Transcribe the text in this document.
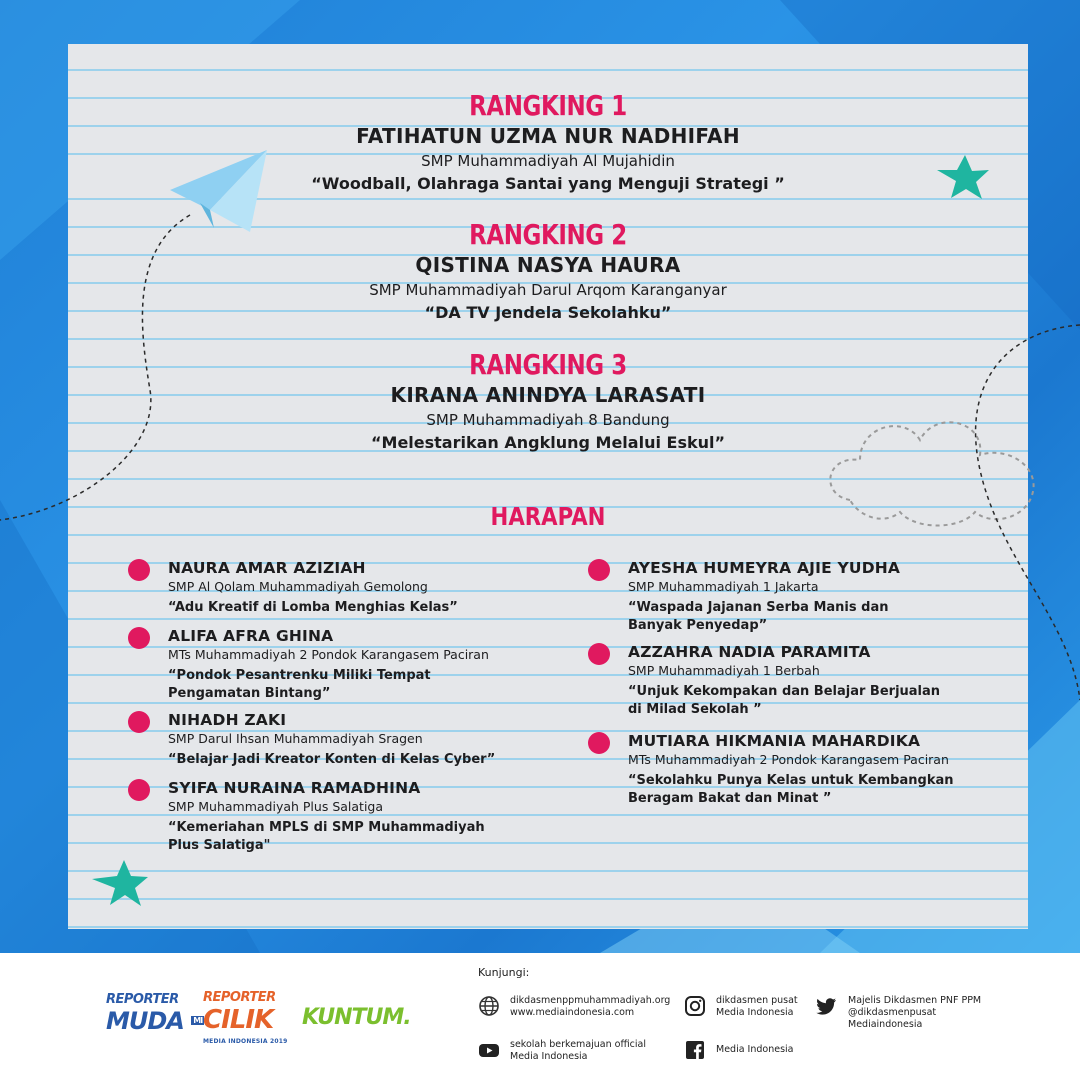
RANGKING 1
FATIHATUN UZMA NUR NADHIFAH
SMP Muhammadiyah Al Mujahidin
“Woodball, Olahraga Santai yang Menguji Strategi ”
RANGKING 2
QISTINA NASYA HAURA
SMP Muhammadiyah Darul Arqom Karanganyar
“DA TV Jendela Sekolahku”
RANGKING 3
KIRANA ANINDYA LARASATI
SMP Muhammadiyah 8 Bandung
“Melestarikan Angklung Melalui Eskul”
HARAPAN
NAURA AMAR AZIZIAH
SMP Al Qolam Muhammadiyah Gemolong
“Adu Kreatif di Lomba Menghias Kelas”
ALIFA AFRA GHINA
MTs Muhammadiyah 2 Pondok Karangasem Paciran
“Pondok Pesantrenku Miliki Tempat
Pengamatan Bintang”
NIHADH ZAKI
SMP Darul Ihsan Muhammadiyah Sragen
“Belajar Jadi Kreator Konten di Kelas Cyber”
SYIFA NURAINA RAMADHINA
SMP Muhammadiyah Plus Salatiga
“Kemeriahan MPLS di SMP Muhammadiyah
Plus Salatiga"
AYESHA HUMEYRA AJIE YUDHA
SMP Muhammadiyah 1 Jakarta
“Waspada Jajanan Serba Manis dan
Banyak Penyedap”
AZZAHRA NADIA PARAMITA
SMP Muhammadiyah 1 Berbah
“Unjuk Kekompakan dan Belajar Berjualan
di Milad Sekolah ”
MUTIARA HIKMANIA MAHARDIKA
MTs Muhammadiyah 2 Pondok Karangasem Paciran
“Sekolahku Punya Kelas untuk Kembangkan
Beragam Bakat dan Minat ”
REPORTER
MUDA $^{MI}$
REPORTER
CILIK
MEDIA INDONESIA 2019
KUNTUM.
Kunjungi:
dikdasmenppmuhammadiyah.org
www.mediaindonesia.com
dikdasmen pusat
Media Indonesia
Majelis Dikdasmen PNF PPM
@dikdasmenpusat
Mediaindonesia
sekolah berkemajuan official
Media Indonesia
Media Indonesia
